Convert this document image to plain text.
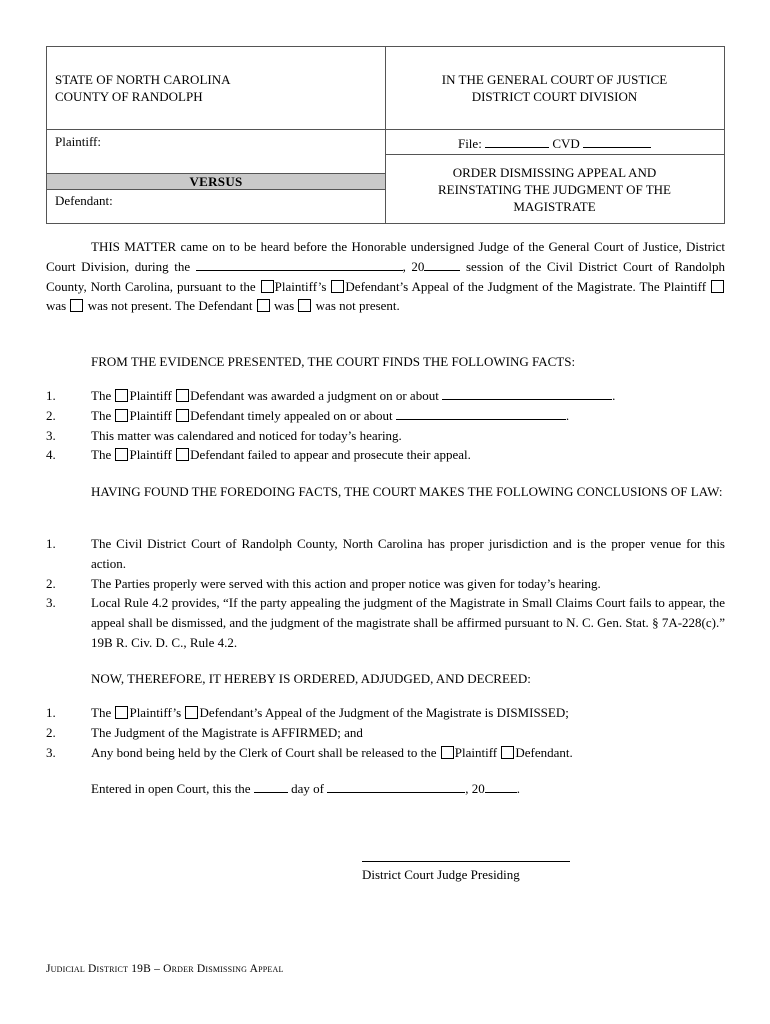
STATE OF NORTH CAROLINA
COUNTY OF RANDOLPH
Plaintiff:
VERSUS
Defendant:
IN THE GENERAL COURT OF JUSTICE
DISTRICT COURT DIVISION
File:	CVD
ORDER DISMISSING APPEAL AND
REINSTATING THE JUDGMENT OF THE
MAGISTRATE

THIS MATTER came on to be heard before the Honorable undersigned Judge of the General Court of Justice, District Court Division, during the	, 20	session of the Civil District Court of Randolph County, North Carolina, pursuant to the Plaintiff’s Defendant’s Appeal of the Judgment of the Magistrate. The Plaintiff  was was not present. The Defendant was was not present.

FROM THE EVIDENCE PRESENTED, THE COURT FINDS THE FOLLOWING FACTS:

1.	The Plaintiff Defendant was awarded a judgment on or about	.
2.	The Plaintiff Defendant timely appealed on or about	.
3.	This matter was calendared and noticed for today’s hearing.
4.	The Plaintiff Defendant failed to appear and prosecute their appeal.

HAVING FOUND THE FOREDOING FACTS, THE COURT MAKES THE FOLLOWING CONCLUSIONS OF LAW:

1.	The Civil District Court of Randolph County, North Carolina has proper jurisdiction and is the proper venue for this action.
2.	The Parties properly were served with this action and proper notice was given for today’s hearing.
3.	Local Rule 4.2 provides, “If the party appealing the judgment of the Magistrate in Small Claims Court fails to appear, the appeal shall be dismissed, and the judgment of the magistrate shall be affirmed pursuant to N. C. Gen. Stat. § 7A-228(c).” 19B R. Civ. D. C., Rule 4.2.

NOW, THEREFORE, IT HEREBY IS ORDERED, ADJUDGED, AND DECREED:

1.	The Plaintiff’s Defendant’s Appeal of the Judgment of the Magistrate is DISMISSED;
2.	The Judgment of the Magistrate is AFFIRMED; and
3.	Any bond being held by the Clerk of Court shall be released to the Plaintiff Defendant.

Entered in open Court, this the	day of	, 20 .

District Court Judge Presiding
Judicial District 19B – Order Dismissing Appeal
